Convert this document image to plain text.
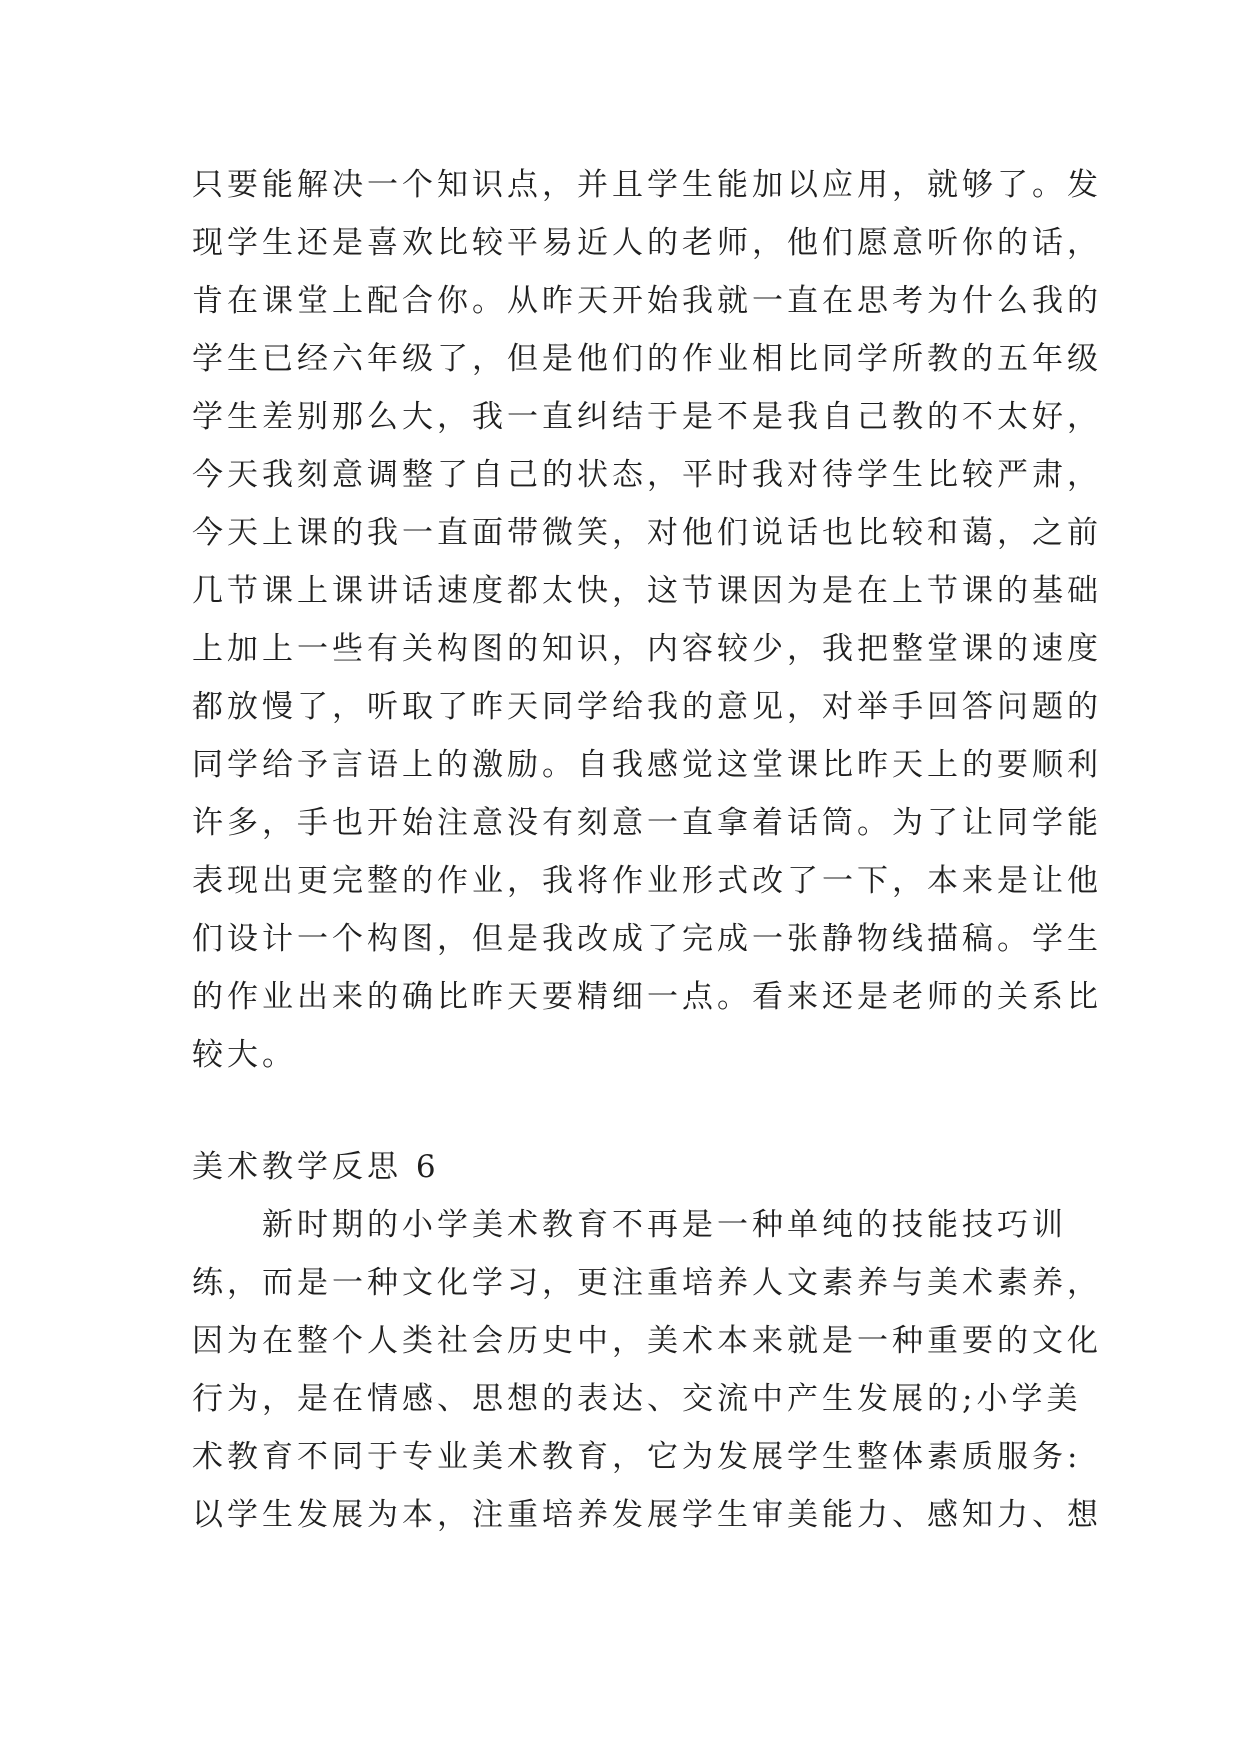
只要能解决一个知识点，并且学生能加以应用，就够了。发
现学生还是喜欢比较平易近人的老师，他们愿意听你的话，
肯在课堂上配合你。从昨天开始我就一直在思考为什么我的
学生已经六年级了，但是他们的作业相比同学所教的五年级
学生差别那么大，我一直纠结于是不是我自己教的不太好，
今天我刻意调整了自己的状态，平时我对待学生比较严肃，
今天上课的我一直面带微笑，对他们说话也比较和蔼，之前
几节课上课讲话速度都太快，这节课因为是在上节课的基础
上加上一些有关构图的知识，内容较少，我把整堂课的速度
都放慢了，听取了昨天同学给我的意见，对举手回答问题的
同学给予言语上的激励。自我感觉这堂课比昨天上的要顺利
许多，手也开始注意没有刻意一直拿着话筒。为了让同学能
表现出更完整的作业，我将作业形式改了一下，本来是让他
们设计一个构图，但是我改成了完成一张静物线描稿。学生
的作业出来的确比昨天要精细一点。看来还是老师的关系比
较大。
美术教学反思 6
　　新时期的小学美术教育不再是一种单纯的技能技巧训
练，而是一种文化学习，更注重培养人文素养与美术素养，
因为在整个人类社会历史中，美术本来就是一种重要的文化
行为，是在情感、思想的表达、交流中产生发展的;小学美
术教育不同于专业美术教育，它为发展学生整体素质服务:
以学生发展为本，注重培养发展学生审美能力、感知力、想
